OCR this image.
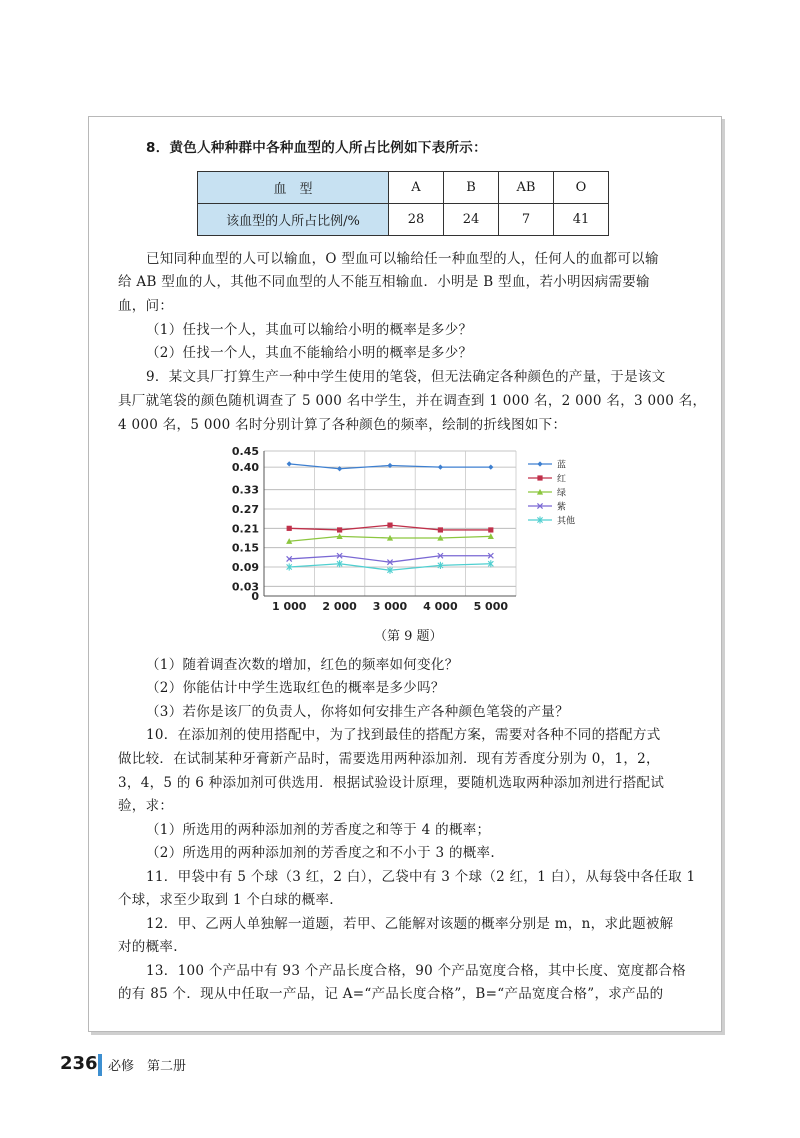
8．黄色人种种群中各种血型的人所占比例如下表所示：
血　型	A	B	AB	O
该血型的人所占比例/%	28	24	7	41
已知同种血型的人可以输血，O 型血可以输给任一种血型的人，任何人的血都可以输
给 AB 型血的人，其他不同血型的人不能互相输血．小明是 B 型血，若小明因病需要输
血，问：
（1）任找一个人，其血可以输给小明的概率是多少？
（2）任找一个人，其血不能输给小明的概率是多少？
9．某文具厂打算生产一种中学生使用的笔袋，但无法确定各种颜色的产量，于是该文
具厂就笔袋的颜色随机调查了 5 000 名中学生，并在调查到 1 000 名，2 000 名，3 000 名，
4 000 名，5 000 名时分别计算了各种颜色的频率，绘制的折线图如下：
0
0.03
0.09
0.15
0.21
0.27
0.33
0.40
0.45
1 000 2 000 3 000 4 000 5 000
蓝
红
绿
紫
其他
（第 9 题）
（1）随着调查次数的增加，红色的频率如何变化？
（2）你能估计中学生选取红色的概率是多少吗？
（3）若你是该厂的负责人，你将如何安排生产各种颜色笔袋的产量？
10．在添加剂的使用搭配中，为了找到最佳的搭配方案，需要对各种不同的搭配方式
做比较．在试制某种牙膏新产品时，需要选用两种添加剂．现有芳香度分别为 0，1，2，
3，4，5 的 6 种添加剂可供选用．根据试验设计原理，要随机选取两种添加剂进行搭配试
验，求：
（1）所选用的两种添加剂的芳香度之和等于 4 的概率；
（2）所选用的两种添加剂的芳香度之和不小于 3 的概率.
11．甲袋中有 5 个球（3 红，2 白），乙袋中有 3 个球（2 红，1 白），从每袋中各任取 1
个球，求至少取到 1 个白球的概率.
12．甲、乙两人单独解一道题，若甲、乙能解对该题的概率分别是 m，n，求此题被解
对的概率.
13．100 个产品中有 93 个产品长度合格，90 个产品宽度合格，其中长度、宽度都合格
的有 85 个．现从中任取一产品，记 A=“产品长度合格”，B=“产品宽度合格”，求产品的
236 必修　第二册
